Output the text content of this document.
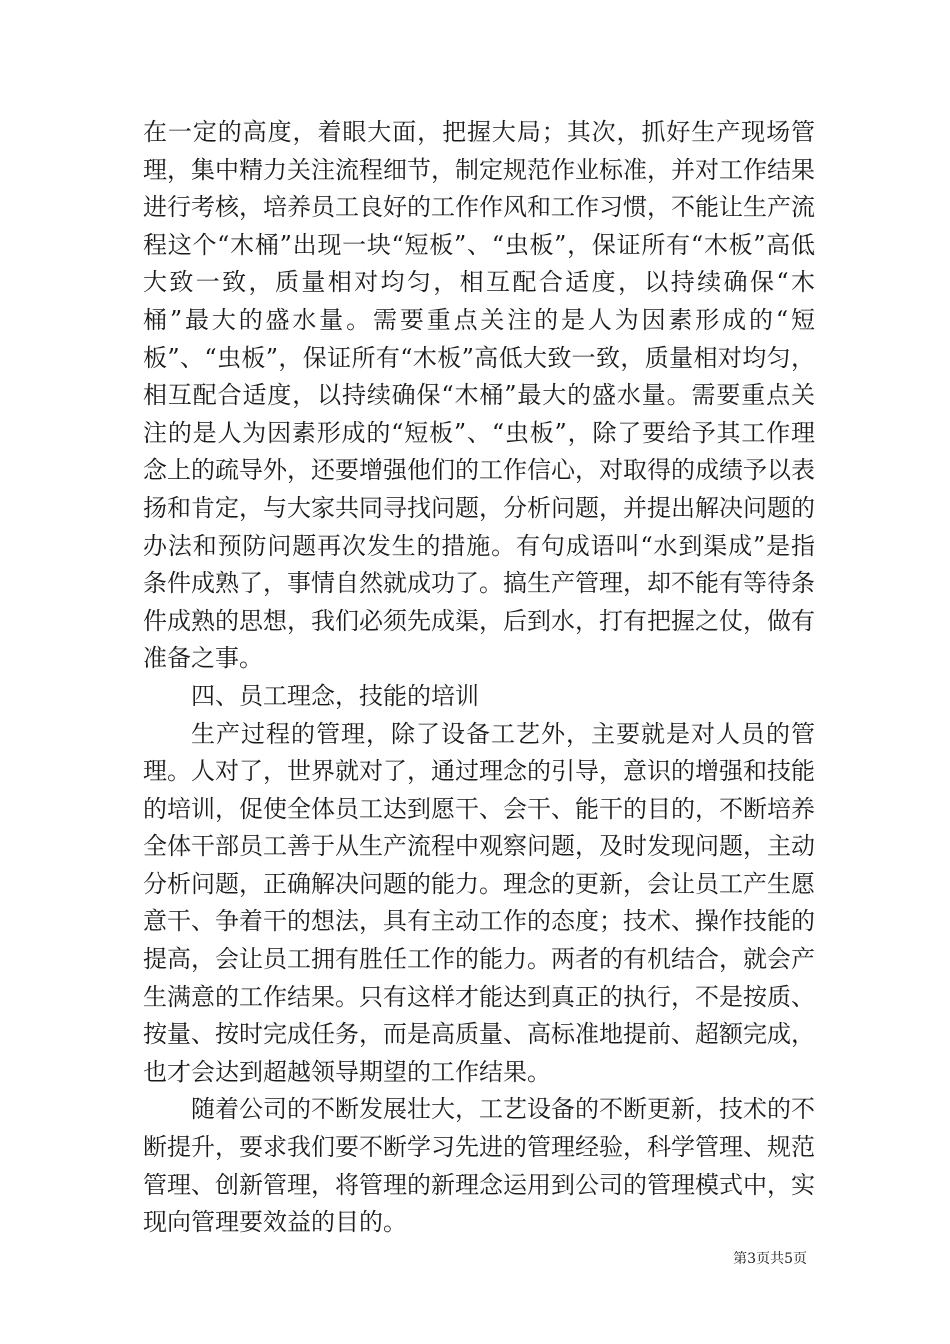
在一定的高度，着眼大面，把握大局；其次，抓好生产现场管理，集中精力关注流程细节，制定规范作业标准，并对工作结果进行考核，培养员工良好的工作作风和工作习惯，不能让生产流程这个“木桶”出现一块“短板”、“虫板”，保证所有“木板”高低大致一致，质量相对均匀，相互配合适度，以持续确保“木桶”最大的盛水量。需要重点关注的是人为因素形成的“短板”、“虫板”，保证所有“木板”高低大致一致，质量相对均匀，相互配合适度，以持续确保“木桶”最大的盛水量。需要重点关注的是人为因素形成的“短板”、“虫板”，除了要给予其工作理念上的疏导外，还要增强他们的工作信心，对取得的成绩予以表扬和肯定，与大家共同寻找问题，分析问题，并提出解决问题的办法和预防问题再次发生的措施。有句成语叫“水到渠成”是指条件成熟了，事情自然就成功了。搞生产管理，却不能有等待条件成熟的思想，我们必须先成渠，后到水，打有把握之仗，做有准备之事。

四、员工理念，技能的培训

生产过程的管理，除了设备工艺外，主要就是对人员的管理。人对了，世界就对了，通过理念的引导，意识的增强和技能的培训，促使全体员工达到愿干、会干、能干的目的，不断培养全体干部员工善于从生产流程中观察问题，及时发现问题，主动分析问题，正确解决问题的能力。理念的更新，会让员工产生愿意干、争着干的想法，具有主动工作的态度；技术、操作技能的提高，会让员工拥有胜任工作的能力。两者的有机结合，就会产生满意的工作结果。只有这样才能达到真正的执行，不是按质、按量、按时完成任务，而是高质量、高标准地提前、超额完成，也才会达到超越领导期望的工作结果。

随着公司的不断发展壮大，工艺设备的不断更新，技术的不断提升，要求我们要不断学习先进的管理经验，科学管理、规范管理、创新管理，将管理的新理念运用到公司的管理模式中，实现向管理要效益的目的。

第3页共5页
